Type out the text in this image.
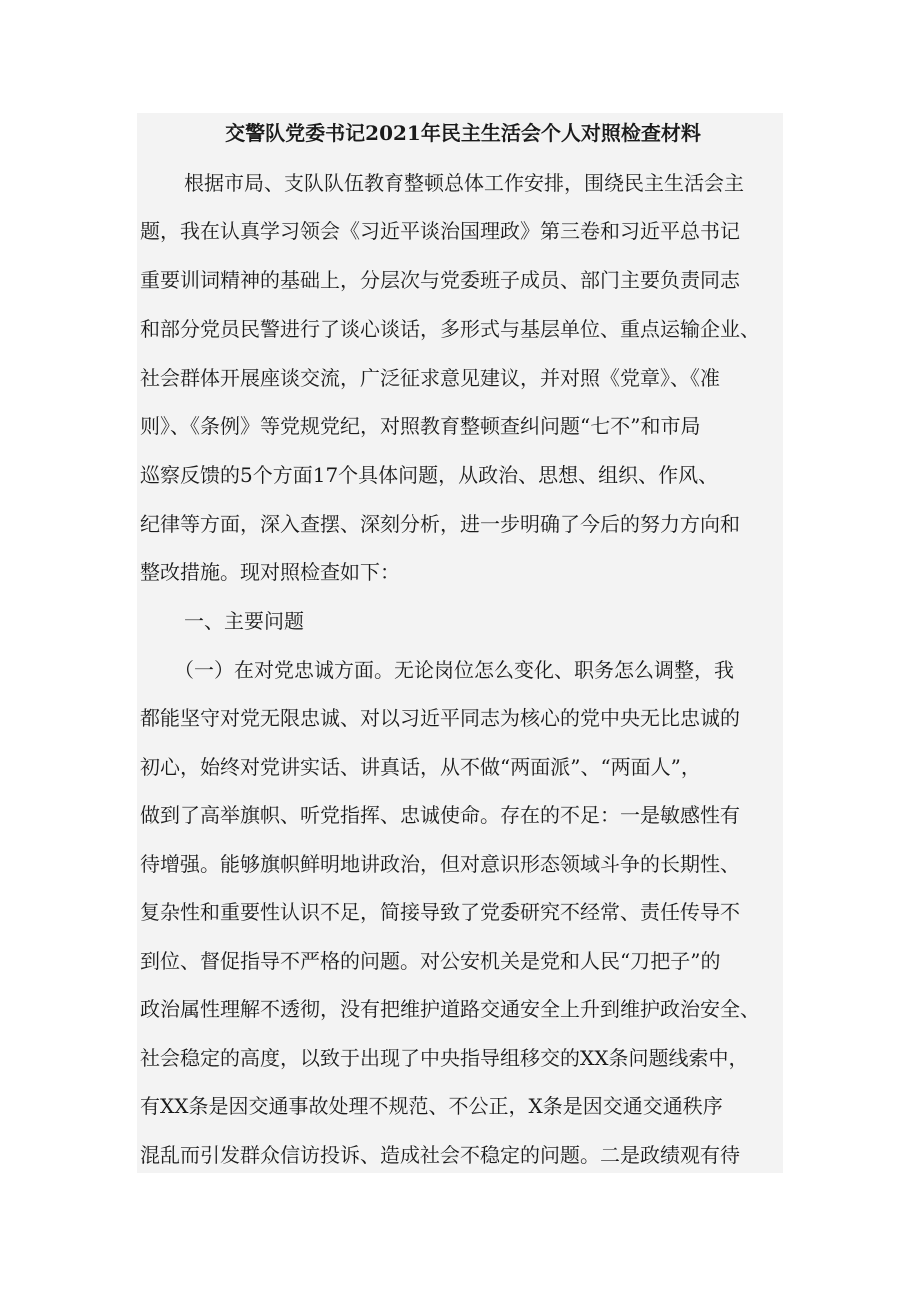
交警队党委书记2021年民主生活会个人对照检查材料

根据市局、支队队伍教育整顿总体工作安排，围绕民主生活会主

题，我在认真学习领会《习近平谈治国理政》第三卷和习近平总书记

重要训词精神的基础上，分层次与党委班子成员、部门主要负责同志

和部分党员民警进行了谈心谈话，多形式与基层单位、重点运输企业、

社会群体开展座谈交流，广泛征求意见建议，并对照《党章》、《准

则》、《条例》等党规党纪，对照教育整顿查纠问题“七不”和市局

巡察反馈的5个方面17个具体问题，从政治、思想、组织、作风、

纪律等方面，深入查摆、深刻分析，进一步明确了今后的努力方向和

整改措施。现对照检查如下：

一、主要问题

（一）在对党忠诚方面。无论岗位怎么变化、职务怎么调整，我

都能坚守对党无限忠诚、对以习近平同志为核心的党中央无比忠诚的

初心，始终对党讲实话、讲真话，从不做“两面派”、“两面人”，

做到了高举旗帜、听党指挥、忠诚使命。存在的不足：一是敏感性有

待增强。能够旗帜鲜明地讲政治，但对意识形态领域斗争的长期性、

复杂性和重要性认识不足，简接导致了党委研究不经常、责任传导不

到位、督促指导不严格的问题。对公安机关是党和人民“刀把子”的

政治属性理解不透彻，没有把维护道路交通安全上升到维护政治安全、

社会稳定的高度，以致于出现了中央指导组移交的XX条问题线索中，

有XX条是因交通事故处理不规范、不公正，X条是因交通交通秩序

混乱而引发群众信访投诉、造成社会不稳定的问题。二是政绩观有待
